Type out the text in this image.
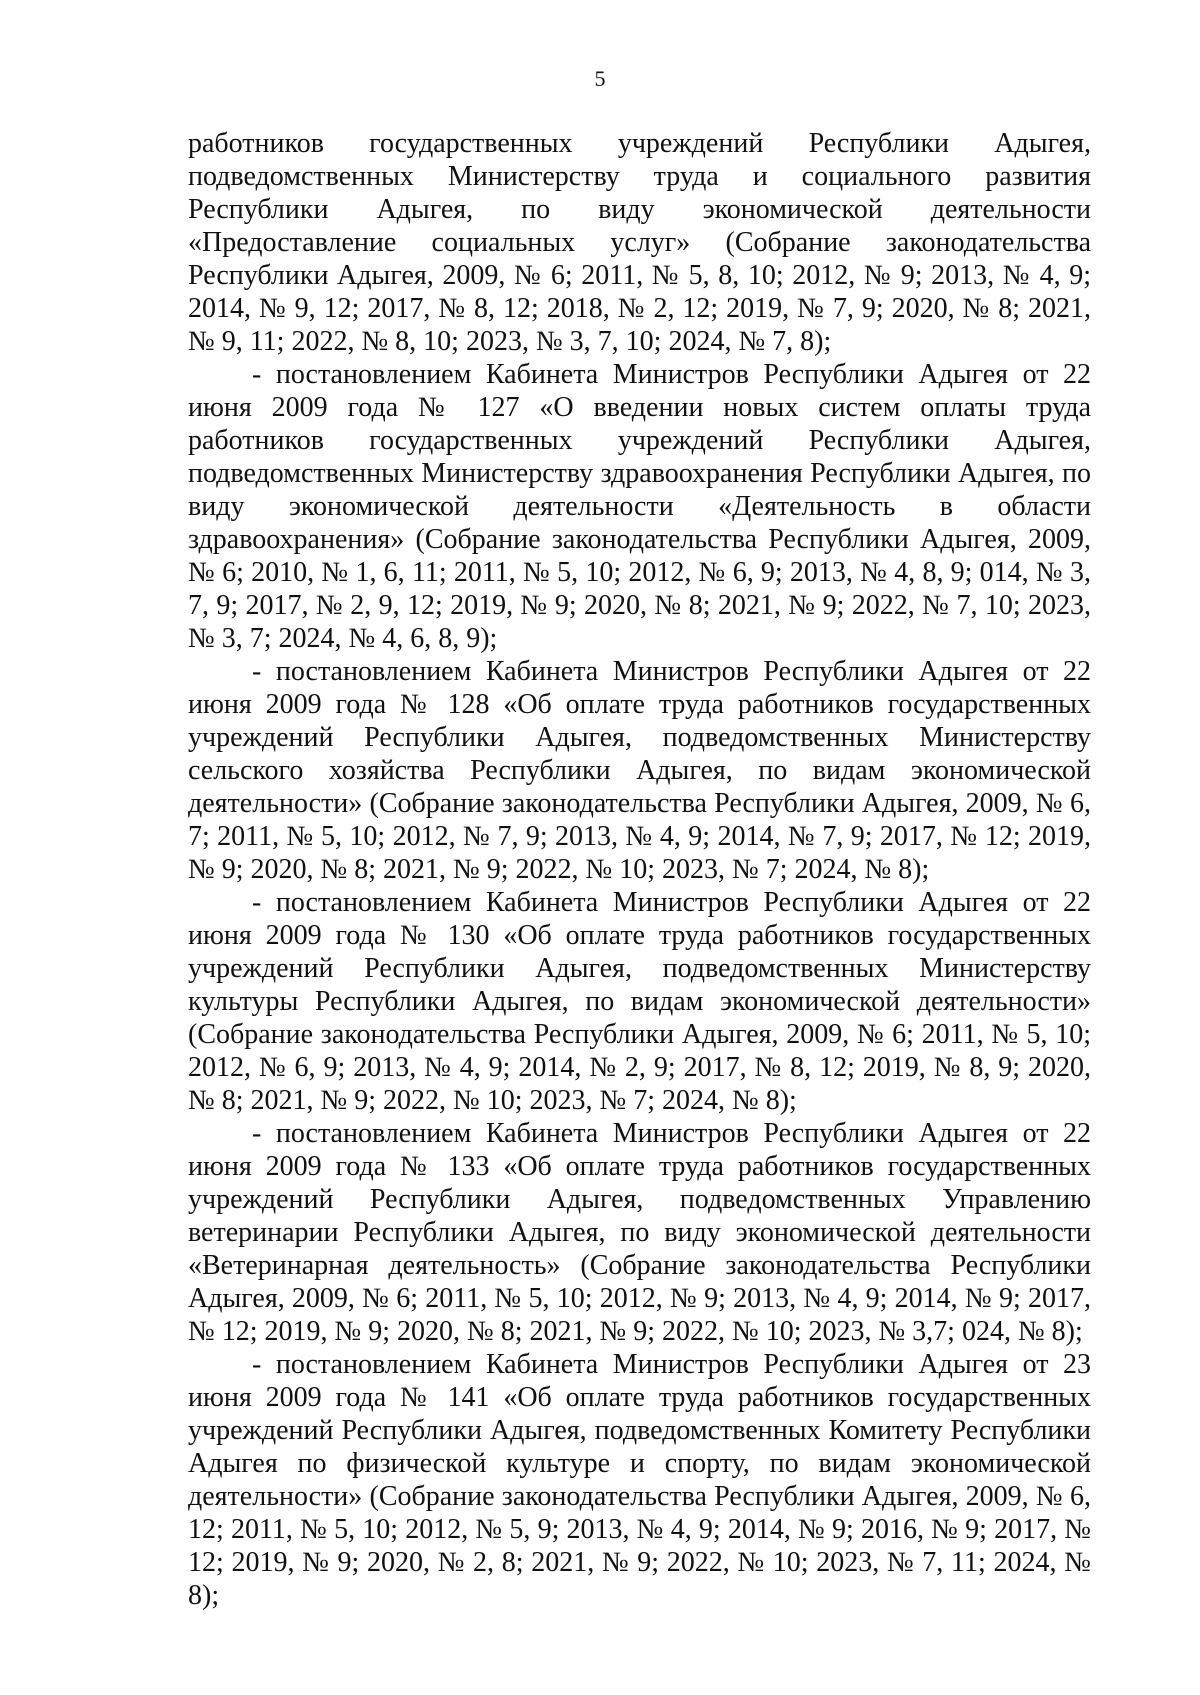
5

работников государственных учреждений Республики Адыгея, подведомственных Министерству труда и социального развития Республики Адыгея, по виду экономической деятельности «Предоставление социальных услуг» (Собрание законодательства Республики Адыгея, 2009, № 6; 2011, № 5, 8, 10; 2012, № 9; 2013, № 4, 9; 2014, № 9, 12; 2017, № 8, 12; 2018, № 2, 12; 2019, № 7, 9; 2020, № 8; 2021, № 9, 11; 2022, № 8, 10; 2023, № 3, 7, 10; 2024, № 7, 8);

- постановлением Кабинета Министров Республики Адыгея от 22 июня 2009 года № 127 «О введении новых систем оплаты труда работников государственных учреждений Республики Адыгея, подведомственных Министерству здравоохранения Республики Адыгея, по виду экономической деятельности «Деятельность в области здравоохранения» (Собрание законодательства Республики Адыгея, 2009, № 6; 2010, № 1, 6, 11; 2011, № 5, 10; 2012, № 6, 9; 2013, № 4, 8, 9; 014, № 3, 7, 9; 2017, № 2, 9, 12; 2019, № 9; 2020, № 8; 2021, № 9; 2022, № 7, 10; 2023, № 3, 7; 2024, № 4, 6, 8, 9);

- постановлением Кабинета Министров Республики Адыгея от 22 июня 2009 года № 128 «Об оплате труда работников государственных учреждений Республики Адыгея, подведомственных Министерству сельского хозяйства Республики Адыгея, по видам экономической деятельности» (Собрание законодательства Республики Адыгея, 2009, № 6, 7; 2011, № 5, 10; 2012, № 7, 9; 2013, № 4, 9; 2014, № 7, 9; 2017, № 12; 2019, № 9; 2020, № 8; 2021, № 9; 2022, № 10; 2023, № 7; 2024, № 8);

- постановлением Кабинета Министров Республики Адыгея от 22 июня 2009 года № 130 «Об оплате труда работников государственных учреждений Республики Адыгея, подведомственных Министерству культуры Республики Адыгея, по видам экономической деятельности» (Собрание законодательства Республики Адыгея, 2009, № 6; 2011, № 5, 10; 2012, № 6, 9; 2013, № 4, 9; 2014, № 2, 9; 2017, № 8, 12; 2019, № 8, 9; 2020, № 8; 2021, № 9; 2022, № 10; 2023, № 7; 2024, № 8);

- постановлением Кабинета Министров Республики Адыгея от 22 июня 2009 года № 133 «Об оплате труда работников государственных учреждений Республики Адыгея, подведомственных Управлению ветеринарии Республики Адыгея, по виду экономической деятельности «Ветеринарная деятельность» (Собрание законодательства Республики Адыгея, 2009, № 6; 2011, № 5, 10; 2012, № 9; 2013, № 4, 9; 2014, № 9; 2017, № 12; 2019, № 9; 2020, № 8; 2021, № 9; 2022, № 10; 2023, № 3,7; 024, № 8);

- постановлением Кабинета Министров Республики Адыгея от 23 июня 2009 года № 141 «Об оплате труда работников государственных учреждений Республики Адыгея, подведомственных Комитету Республики Адыгея по физической культуре и спорту, по видам экономической деятельности» (Собрание законодательства Республики Адыгея, 2009, № 6, 12; 2011, № 5, 10; 2012, № 5, 9; 2013, № 4, 9; 2014, № 9; 2016, № 9; 2017, № 12; 2019, № 9; 2020, № 2, 8; 2021, № 9; 2022, № 10; 2023, № 7, 11; 2024, № 8);
